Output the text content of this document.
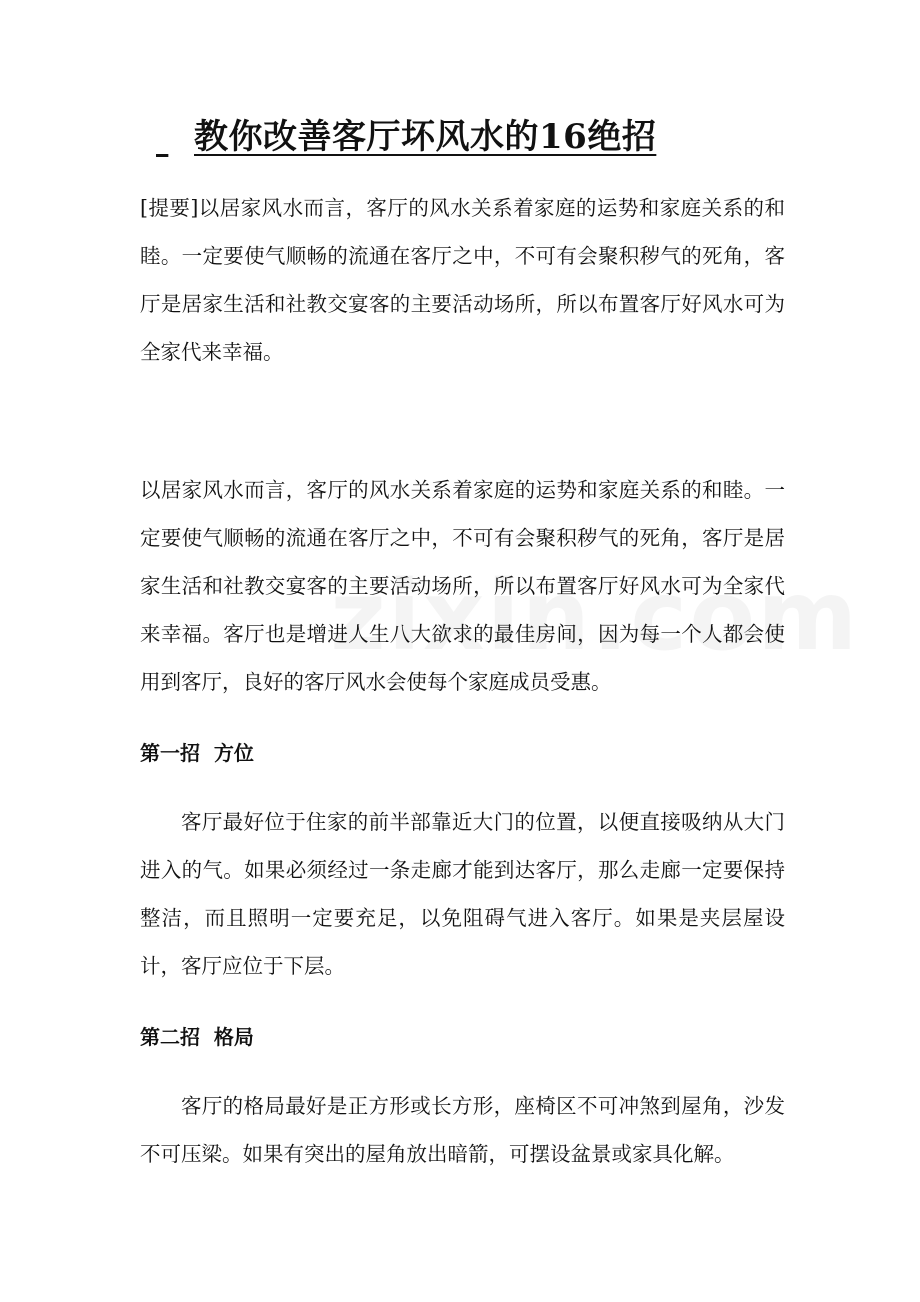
教你改善客厅坏风水的16绝招

[提要]以居家风水而言，客厅的风水关系着家庭的运势和家庭关系的和睦。一定要使气顺畅的流通在客厅之中，不可有会聚积秽气的死角，客厅是居家生活和社教交宴客的主要活动场所，所以布置客厅好风水可为全家代来幸福。

以居家风水而言，客厅的风水关系着家庭的运势和家庭关系的和睦。一定要使气顺畅的流通在客厅之中，不可有会聚积秽气的死角，客厅是居家生活和社教交宴客的主要活动场所，所以布置客厅好风水可为全家代来幸福。客厅也是增进人生八大欲求的最佳房间，因为每一个人都会使用到客厅，良好的客厅风水会使每个家庭成员受惠。

第一招  方位

客厅最好位于住家的前半部靠近大门的位置，以便直接吸纳从大门进入的气。如果必须经过一条走廊才能到达客厅，那么走廊一定要保持整洁，而且照明一定要充足，以免阻碍气进入客厅。如果是夹层屋设计，客厅应位于下层。

第二招  格局

客厅的格局最好是正方形或长方形，座椅区不可冲煞到屋角，沙发不可压梁。如果有突出的屋角放出暗箭，可摆设盆景或家具化解。
